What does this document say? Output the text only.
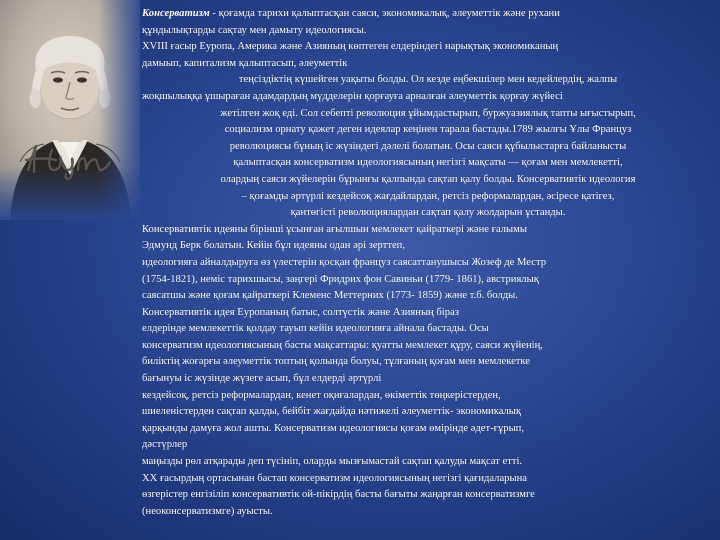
Консерватизм - қоғамда тарихи қалыптасқан саяси, экономикалық, әлеуметтік және рухани
құндылықтарды сақтау мен дамыту идеологиясы.
XVIII ғасыр Еуропа, Америка және Азияның көптеген елдеріндегі нарықтық экономиканың
дамыып, капитализм қалыптасып, әлеуметтік
теңсіздіктің күшейген уақыты болды. Ол кезде еңбекшілер мен кедейлердің, жалпы
жоқшылыққа ұшыраған адамдардың мүдделерін қорғауға арналған әлеуметтік қорғау жүйесі
жетілген жоқ еді. Сол себепті революция ұйымдастырып, буржуазиялық тапты ығыстырып,
социализм орнату қажет деген идеялар кеңінен тарала бастады.1789 жылғы Ұлы Француз
революциясы бұның іс жүзіндегі дәлелі болатын. Осы саяси құбылыстарға байланысты
қалыптасқан консерватизм идеологиясының негізгі мақсаты — қоғам мен мемлекетті,
олардың саяси жүйелерін бұрынғы қалпында сақтап қалу болды. Консервативтік идеология
– қоғамды әртүрлі кездейсоқ жағдайлардан, ретсіз реформалардан, әсіресе қатігез,
қантөгісті революциялардан сақтап қалу жолдарын ұстанды.
Консервативтік идеяны бірінші ұсынған ағылшын мемлекет қайраткері және ғалымы
Эдмунд Берк болатын. Кейін бұл идеяны одан әрі зерттеп,
идеологияға айналдыруға өз үлестерін қосқан француз саясаттанушысы Жозеф де Местр
(1754-1821), неміс тарихшысы, заңгері Фридрих фон Савиньи (1779- 1861), австриялық
саясатшы және қоғам қайраткері Клеменс Меттерних (1773- 1859) және т.б. болды.
Консервативтік идея Еуропаның батыс, солтүстік және Азияның біраз
елдерінде мемлекеттік қолдау тауып кейін идеологияға айнала бастады. Осы
консерватизм идеологиясының басты мақсаттары: қуатты мемлекет құру, саяси жүйенің,
биліктің жоғарғы әлеуметтік топтың қолында болуы, тұлғаның қоғам мен мемлекетке
бағынуы іс жүзінде жүзеге асып, бұл елдердi әртүрлі
кездейсоқ, ретсіз реформалардан, кенет оқиғалардан, өкіметтік төңкерістерден,
шиеленістерден сақтап қалды, бейбіт жағдайда нәтижелі әлеуметтік- экономикалық
қарқынды дамуға жол ашты. Консерватизм идеологиясы қоғам өмірінде әдет-ғұрып,
дәстүрлер
маңызды рөл атқарады деп түсініп, оларды мызғымастай сақтап қалуды мақсат етті.
XX ғасырдың ортасынан бастап консерватизм идеологиясының негізгі қағидаларына
өзгерістер енгізіліп консервативтік ой-пікірдің басты бағыты жаңарған консерватизмге
(неоконсерватизмге) ауысты.
